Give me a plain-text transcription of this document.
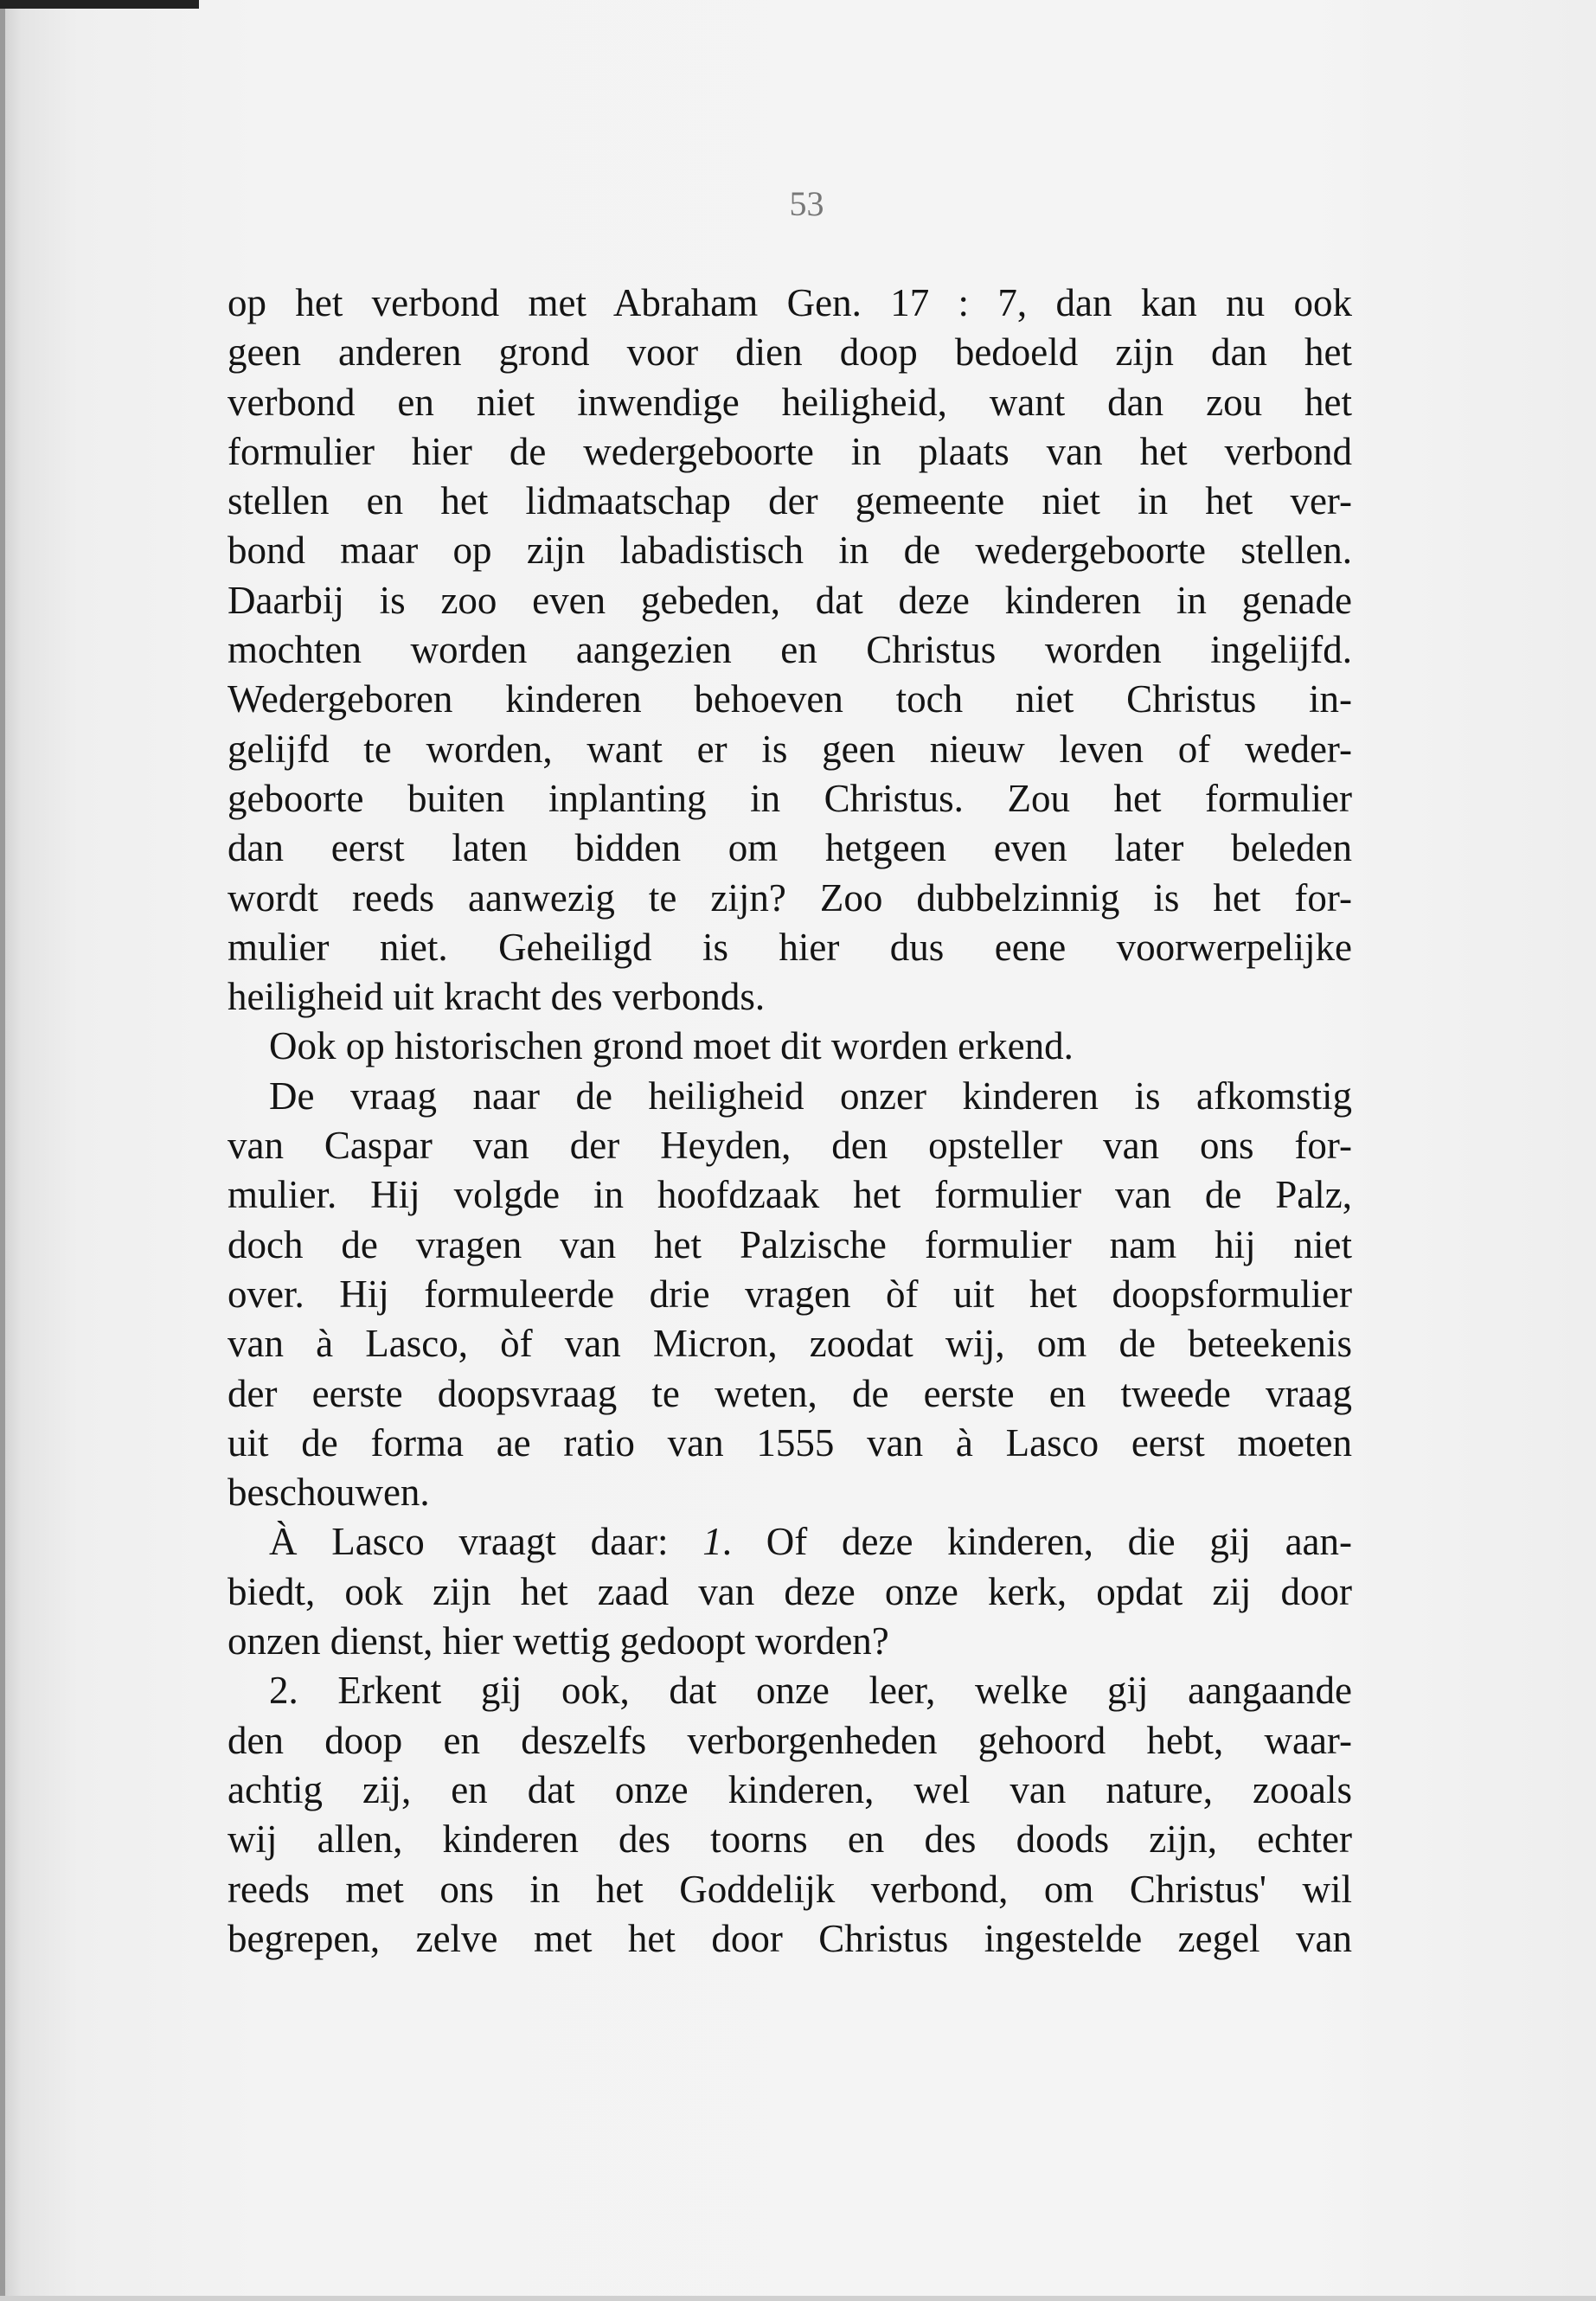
53
op het verbond met Abraham Gen. 17 : 7, dan kan nu ook
geen anderen grond voor dien doop bedoeld zijn dan het
verbond en niet inwendige heiligheid, want dan zou het
formulier hier de wedergeboorte in plaats van het verbond
stellen en het lidmaatschap der gemeente niet in het ver-
bond maar op zijn labadistisch in de wedergeboorte stellen.
Daarbij is zoo even gebeden, dat deze kinderen in genade
mochten worden aangezien en Christus worden ingelijfd.
Wedergeboren kinderen behoeven toch niet Christus in-
gelijfd te worden, want er is geen nieuw leven of weder-
geboorte buiten inplanting in Christus. Zou het formulier
dan eerst laten bidden om hetgeen even later beleden
wordt reeds aanwezig te zijn? Zoo dubbelzinnig is het for-
mulier niet. Geheiligd is hier dus eene voorwerpelijke
heiligheid uit kracht des verbonds.
Ook op historischen grond moet dit worden erkend.
De vraag naar de heiligheid onzer kinderen is afkomstig
van Caspar van der Heyden, den opsteller van ons for-
mulier. Hij volgde in hoofdzaak het formulier van de Palz,
doch de vragen van het Palzische formulier nam hij niet
over. Hij formuleerde drie vragen òf uit het doopsformulier
van à Lasco, òf van Micron, zoodat wij, om de beteekenis
der eerste doopsvraag te weten, de eerste en tweede vraag
uit de forma ae ratio van 1555 van à Lasco eerst moeten
beschouwen.
À Lasco vraagt daar: 1. Of deze kinderen, die gij aan-
biedt, ook zijn het zaad van deze onze kerk, opdat zij door
onzen dienst, hier wettig gedoopt worden?
2. Erkent gij ook, dat onze leer, welke gij aangaande
den doop en deszelfs verborgenheden gehoord hebt, waar-
achtig zij, en dat onze kinderen, wel van nature, zooals
wij allen, kinderen des toorns en des doods zijn, echter
reeds met ons in het Goddelijk verbond, om Christus' wil
begrepen, zelve met het door Christus ingestelde zegel van
